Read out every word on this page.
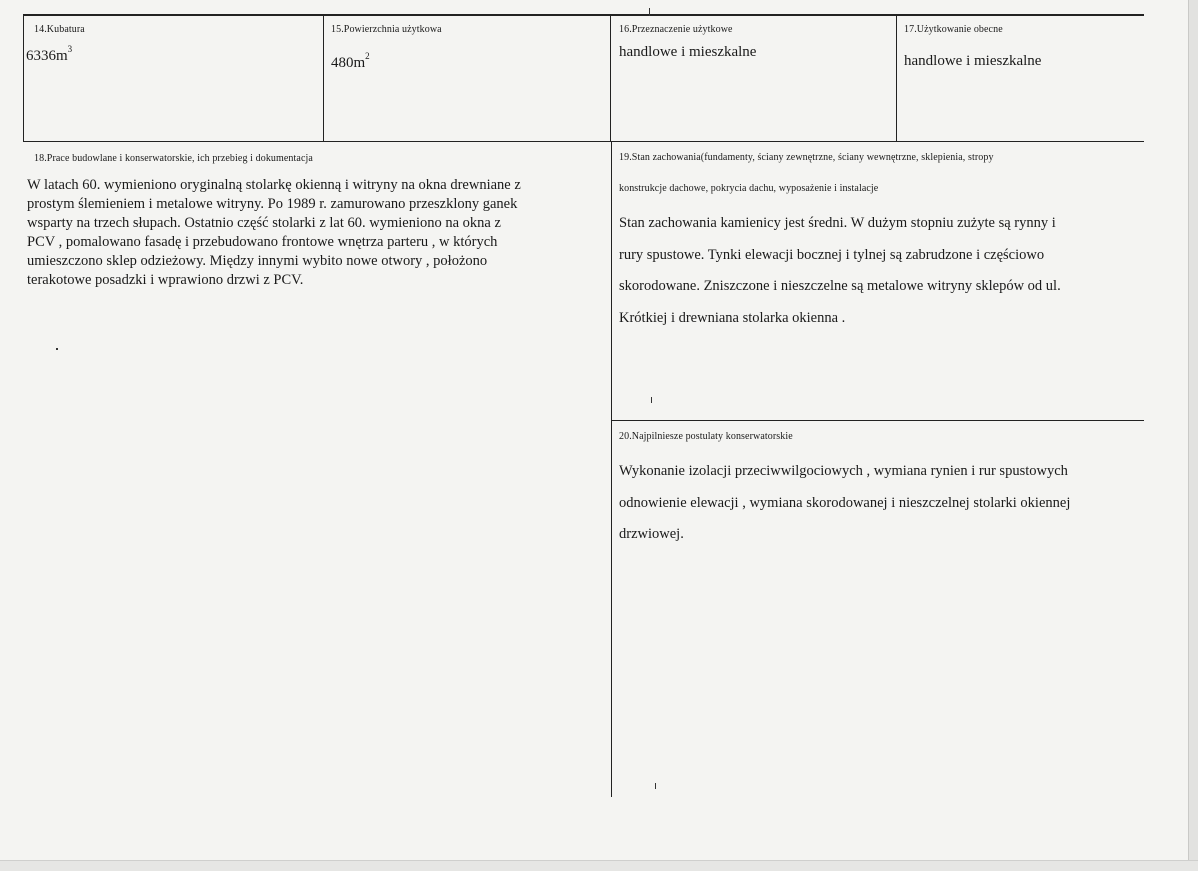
14.Kubatura
$6336m^3$
15.Powierzchnia użytkowa
$480m^2$
16.Przeznaczenie użytkowe
handlowe i mieszkalne
17.Użytkowanie obecne
handlowe i mieszkalne
18.Prace budowlane i konserwatorskie, ich przebieg i dokumentacja

W latach 60. wymieniono oryginalną stolarkę okienną i witryny na okna drewniane z

prostym ślemieniem i metalowe witryny. Po 1989 r. zamurowano przeszklony ganek

wsparty na trzech słupach. Ostatnio część stolarki z lat 60. wymieniono na okna z

PCV , pomalowano fasadę i przebudowano frontowe wnętrza parteru , w których

umieszczono sklep odzieżowy. Między innymi wybito nowe otwory , położono

terakotowe posadzki i wprawiono drzwi z PCV.

19.Stan zachowania(fundamenty, ściany zewnętrzne, ściany wewnętrzne, sklepienia, stropy
konstrukcje dachowe, pokrycia dachu, wyposażenie i instalacje
Stan zachowania kamienicy jest średni. W dużym stopniu zużyte są rynny i
rury spustowe. Tynki elewacji bocznej i tylnej są zabrudzone i częściowo
skorodowane. Zniszczone i nieszczelne są metalowe witryny sklepów od ul.
Krótkiej i drewniana stolarka okienna .
20.Najpilniesze postulaty konserwatorskie
Wykonanie izolacji przeciwwilgociowych , wymiana rynien i rur spustowych
odnowienie elewacji , wymiana skorodowanej i nieszczelnej stolarki okiennej
drzwiowej.
